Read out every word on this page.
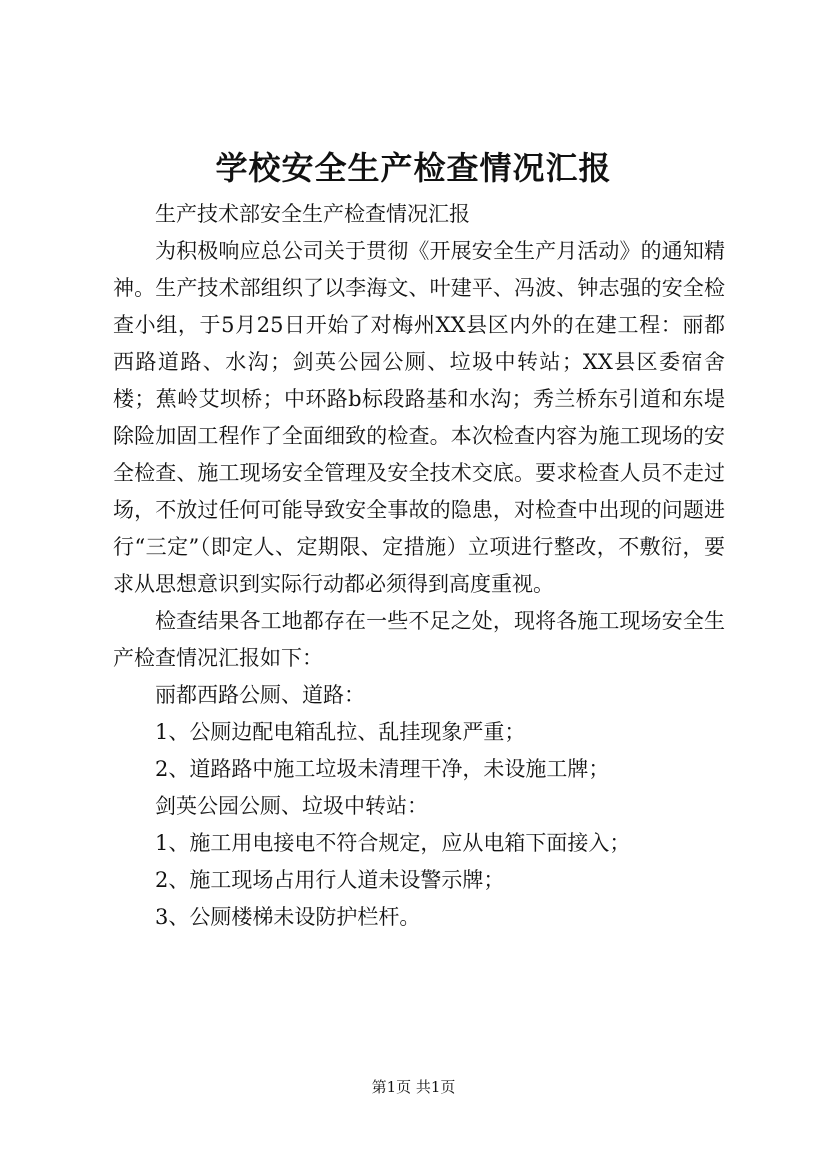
学校安全生产检查情况汇报

生产技术部安全生产检查情况汇报

为积极响应总公司关于贯彻《开展安全生产月活动》的通知精神。生产技术部组织了以李海文、叶建平、冯波、钟志强的安全检查小组，于5月25日开始了对梅州XX县区内外的在建工程：丽都西路道路、水沟；剑英公园公厕、垃圾中转站；XX县区委宿舍楼；蕉岭艾坝桥；中环路b标段路基和水沟；秀兰桥东引道和东堤除险加固工程作了全面细致的检查。本次检查内容为施工现场的安全检查、施工现场安全管理及安全技术交底。要求检查人员不走过场，不放过任何可能导致安全事故的隐患，对检查中出现的问题进行“三定”（即定人、定期限、定措施）立项进行整改，不敷衍，要求从思想意识到实际行动都必须得到高度重视。

检查结果各工地都存在一些不足之处，现将各施工现场安全生产检查情况汇报如下：

丽都西路公厕、道路：

1、公厕边配电箱乱拉、乱挂现象严重；

2、道路路中施工垃圾未清理干净，未设施工牌；

剑英公园公厕、垃圾中转站：

1、施工用电接电不符合规定，应从电箱下面接入；

2、施工现场占用行人道未设警示牌；

3、公厕楼梯未设防护栏杆。

第1页 共1页
